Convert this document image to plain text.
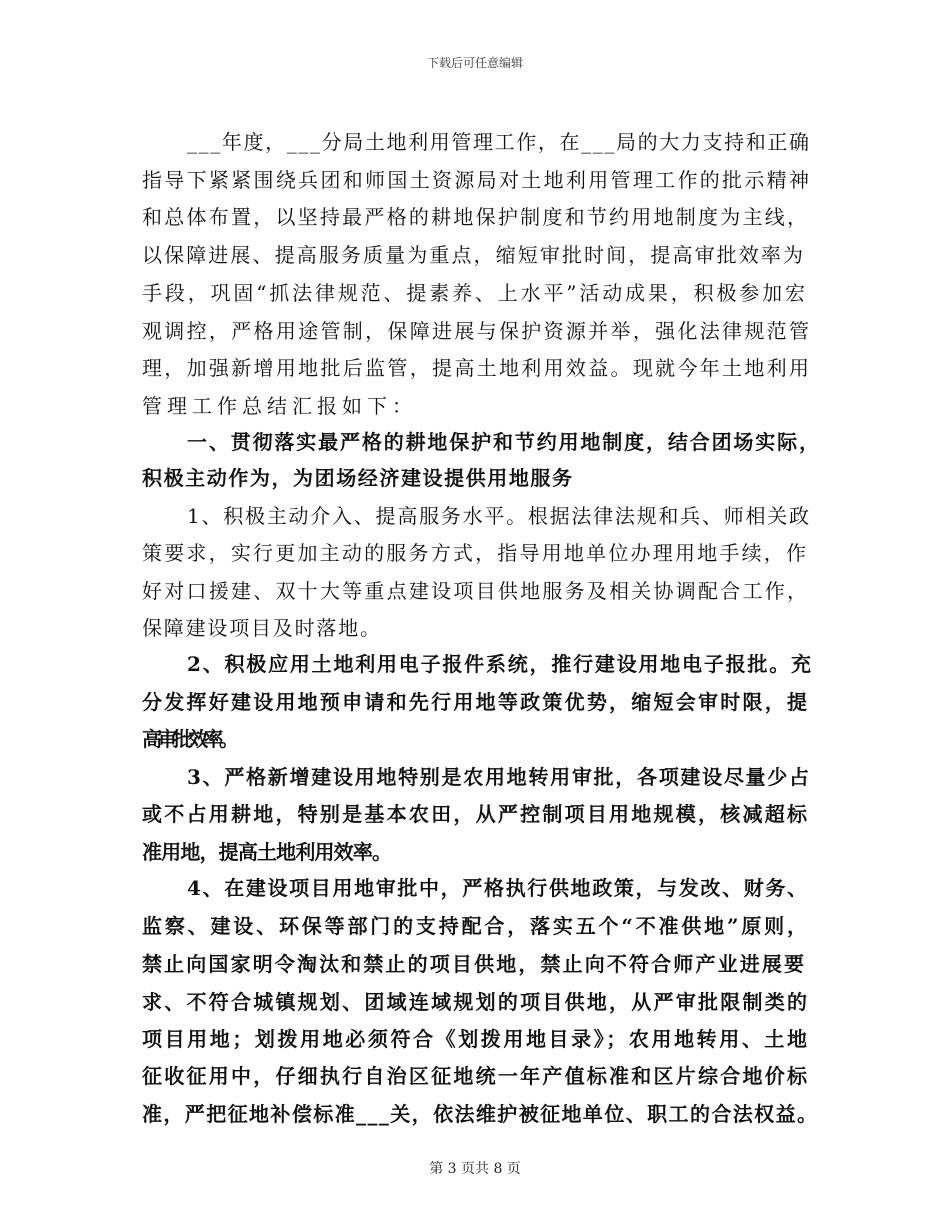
下载后可任意编辑
___年度，___分局土地利用管理工作，在___局的大力支持和正确
指导下紧紧围绕兵团和师国土资源局对土地利用管理工作的批示精神
和总体布置，以坚持最严格的耕地保护制度和节约用地制度为主线，
以保障进展、提高服务质量为重点，缩短审批时间，提高审批效率为
手段，巩固“抓法律规范、提素养、上水平”活动成果，积极参加宏
观调控，严格用途管制，保障进展与保护资源并举，强化法律规范管
理，加强新增用地批后监管，提高土地利用效益。现就今年土地利用
管理工作总结汇报如下：
一、贯彻落实最严格的耕地保护和节约用地制度，结合团场实际，
积极主动作为，为团场经济建设提供用地服务
1、积极主动介入、提高服务水平。根据法律法规和兵、师相关政
策要求，实行更加主动的服务方式，指导用地单位办理用地手续，作
好对口援建、双十大等重点建设项目供地服务及相关协调配合工作，
保障建设项目及时落地。
2、积极应用土地利用电子报件系统，推行建设用地电子报批。充
分发挥好建设用地预申请和先行用地等政策优势，缩短会审时限，提
高审批效率。
3、严格新增建设用地特别是农用地转用审批，各项建设尽量少占
或不占用耕地，特别是基本农田，从严控制项目用地规模，核减超标
准用地，提高土地利用效率。
4、在建设项目用地审批中，严格执行供地政策，与发改、财务、
监察、建设、环保等部门的支持配合，落实五个“不准供地”原则，
禁止向国家明令淘汰和禁止的项目供地，禁止向不符合师产业进展要
求、不符合城镇规划、团域连域规划的项目供地，从严审批限制类的
项目用地；划拨用地必须符合《划拨用地目录》；农用地转用、土地
征收征用中，仔细执行自治区征地统一年产值标准和区片综合地价标
准，严把征地补偿标准___关，依法维护被征地单位、职工的合法权益。
第 3 页共 8 页
